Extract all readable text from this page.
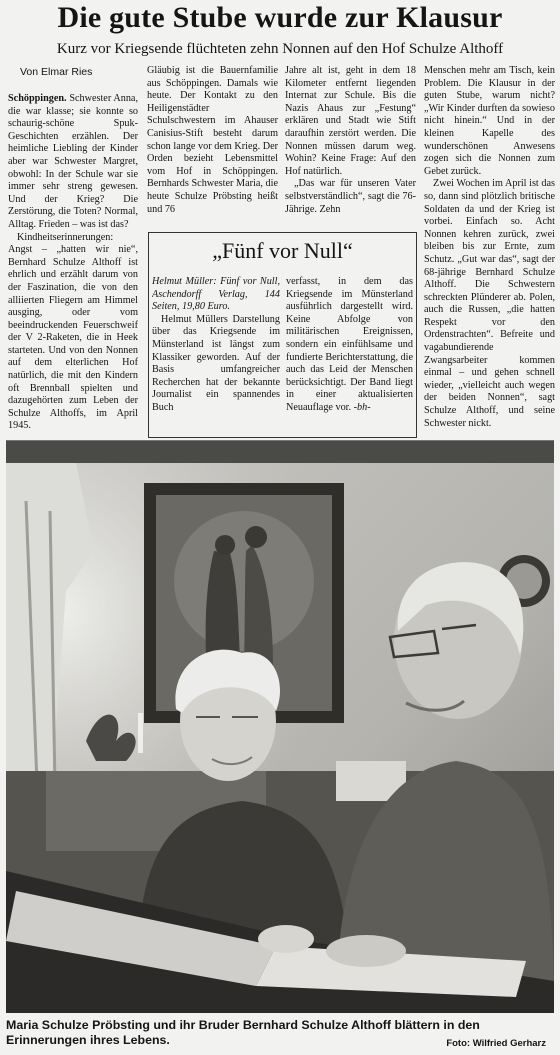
Die gute Stube wurde zur Klausur
Kurz vor Kriegsende flüchteten zehn Nonnen auf den Hof Schulze Althoff
Von Elmar Ries

Schöppingen. Schwester Anna, die war klasse; sie konnte so schaurig-schöne Spuk-Geschichten erzählen. Der heimliche Liebling der Kinder aber war Schwester Margret, obwohl: In der Schule war sie immer sehr streng gewesen. Und der Krieg? Die Zerstörung, die Toten? Normal, Alltag. Frieden – was ist das?

Kindheitserinnerungen: Angst – „hatten wir nie“, Bernhard Schulze Althoff ist ehrlich und erzählt darum von der Faszination, die von den alliierten Fliegern am Himmel ausging, oder vom beeindruckenden Feuerschweif der V 2-Raketen, die in Heek starteten. Und von den Nonnen auf dem elterlichen Hof natürlich, die mit den Kindern oft Brennball spielten und dazugehörten zum Leben der Schulze Althoffs, im April 1945.

Gläubig ist die Bauernfamilie aus Schöppingen. Damals wie heute. Der Kontakt zu den Heiligenstädter Schulschwestern im Ahauser Canisius-Stift besteht darum schon lange vor dem Krieg. Der Orden bezieht Lebensmittel vom Hof in Schöppingen. Bernhards Schwester Maria, die heute Schulze Pröbsting heißt und 76

Jahre alt ist, geht in dem 18 Kilometer entfernt liegenden Internat zur Schule. Bis die Nazis Ahaus zur „Festung“ erklären und Stadt wie Stift daraufhin zerstört werden. Die Nonnen müssen darum weg. Wohin? Keine Frage: Auf den Hof natürlich.

„Das war für unseren Vater selbstverständlich“, sagt die 76-Jährige. Zehn

Menschen mehr am Tisch, kein Problem. Die Klausur in der guten Stube, warum nicht? „Wir Kinder durften da sowieso nicht hinein.“ Und in der kleinen Kapelle des wunderschönen Anwesens zogen sich die Nonnen zum Gebet zurück.

Zwei Wochen im April ist das so, dann sind plötzlich britische Soldaten da und der Krieg ist vorbei. Einfach so. Acht Nonnen kehren zurück, zwei bleiben bis zur Ernte, zum Schutz. „Gut war das“, sagt der 68-jährige Bernhard Schulze Althoff. Die Schwestern schreckten Plünderer ab. Polen, auch die Russen, „die hatten Respekt vor den Ordenstrachten“. Befreite und vagabundierende Zwangsarbeiter kommen einmal – und gehen schnell wieder, „vielleicht auch wegen der beiden Nonnen“, sagt Schulze Althoff, und seine Schwester nickt.

„Fünf vor Null“

Helmut Müller: Fünf vor Null, Aschendorff Verlag, 144 Seiten, 19,80 Euro.

Helmut Müllers Darstellung über das Kriegsende im Münsterland ist längst zum Klassiker geworden. Auf der Basis umfangreicher Recherchen hat der bekannte Journalist ein spannendes Buch

verfasst, in dem das Kriegsende im Münsterland ausführlich dargestellt wird. Keine Abfolge von militärischen Ereignissen, sondern ein einfühlsame und fundierte Berichterstattung, die auch das Leid der Menschen berücksichtigt. Der Band liegt in einer aktualisierten Neuauflage vor. -bh-

Maria Schulze Pröbsting und ihr Bruder Bernhard Schulze Althoff blättern in den Erinnerungen ihres Lebens.	Foto: Wilfried Gerharz
